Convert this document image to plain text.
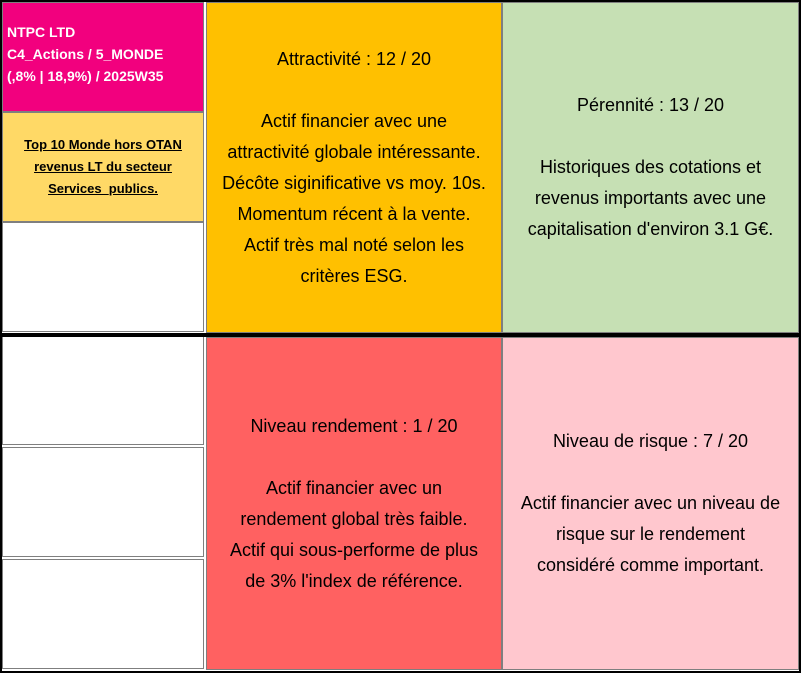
NTPC LTD
C4_Actions / 5_MONDE
(,8% | 18,9%) / 2025W35
Top 10 Monde hors OTAN
revenus LT du secteur
Services_publics.
Attractivité : 12 / 20
Actif financier avec une
attractivité globale intéressante.
Décôte siginificative vs moy. 10s.
Momentum récent à la vente.
Actif très mal noté selon les
critères ESG.
Pérennité : 13 / 20
Historiques des cotations et
revenus importants avec une
capitalisation d'environ 3.1 G€.
Niveau rendement : 1 / 20
Actif financier avec un
rendement global très faible.
Actif qui sous-performe de plus
de 3% l'index de référence.
Niveau de risque : 7 / 20
Actif financier avec un niveau de
risque sur le rendement
considéré comme important.
